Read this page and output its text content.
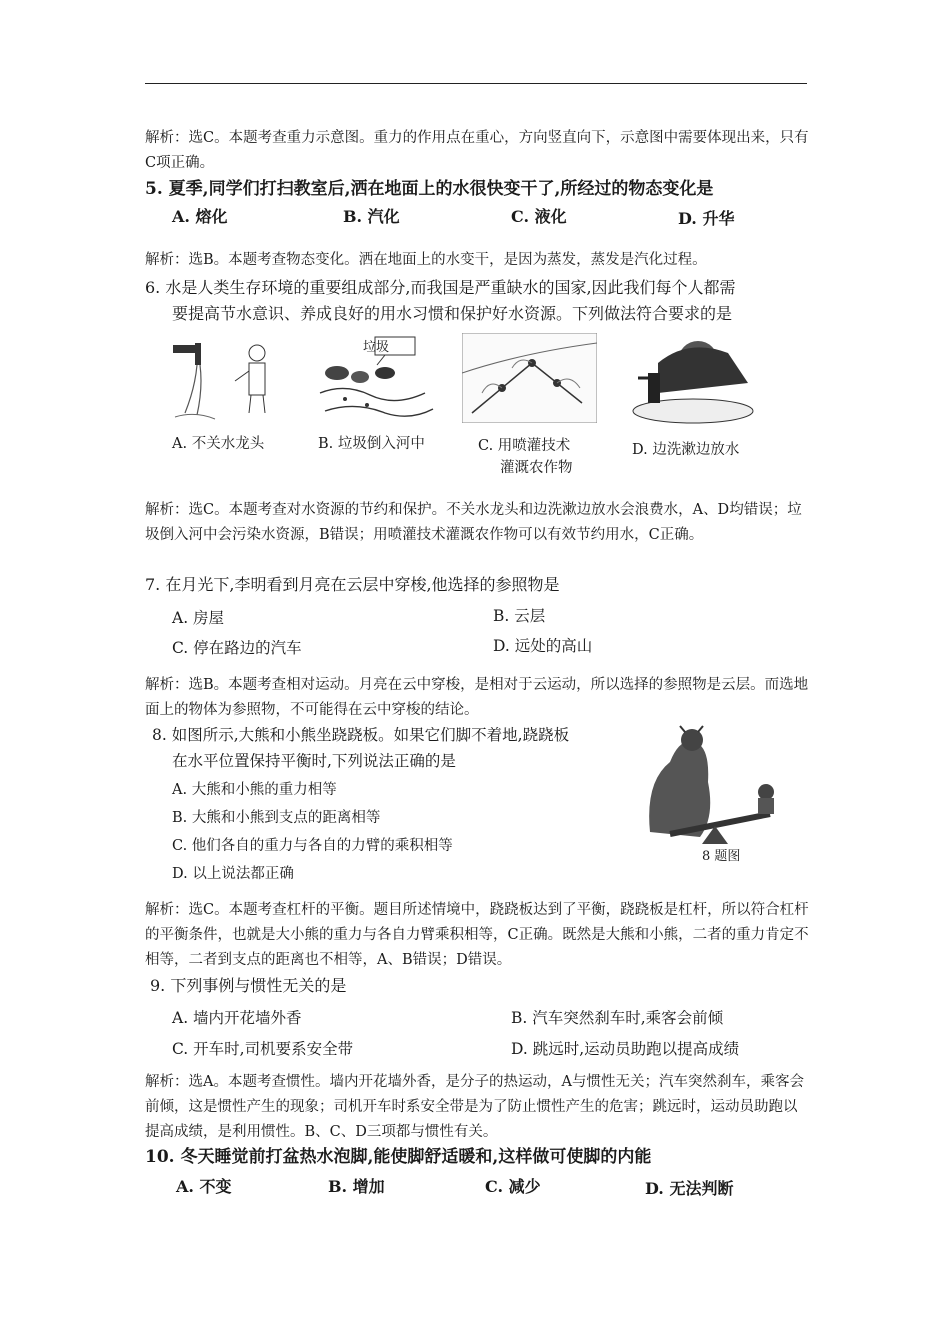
解析：选C。本题考查重力示意图。重力的作用点在重心，方向竖直向下，示意图中需要体现出来，只有C项正确。
5. 夏季,同学们打扫教室后,洒在地面上的水很快变干了,所经过的物态变化是
A. 熔化	B. 汽化	C. 液化	D. 升华
解析：选B。本题考查物态变化。洒在地面上的水变干，是因为蒸发，蒸发是汽化过程。
6. 水是人类生存环境的重要组成部分,而我国是严重缺水的国家,因此我们每个人都需
要提高节水意识、养成良好的用水习惯和保护好水资源。下列做法符合要求的是
垃圾
A. 不关水龙头	B. 垃圾倒入河中	C. 用喷灌技术
灌溉农作物
D. 边洗漱边放水
解析：选C。本题考查对水资源的节约和保护。不关水龙头和边洗漱边放水会浪费水，A、D均错误；垃圾倒入河中会污染水资源，B错误；用喷灌技术灌溉农作物可以有效节约用水，C正确。
7. 在月光下,李明看到月亮在云层中穿梭,他选择的参照物是
A. 房屋	B. 云层
C. 停在路边的汽车	D. 远处的高山
解析：选B。本题考查相对运动。月亮在云中穿梭，是相对于云运动，所以选择的参照物是云层。而选地面上的物体为参照物，不可能得在云中穿梭的结论。
8. 如图所示,大熊和小熊坐跷跷板。如果它们脚不着地,跷跷板
在水平位置保持平衡时,下列说法正确的是
A. 大熊和小熊的重力相等
B. 大熊和小熊到支点的距离相等
C. 他们各自的重力与各自的力臂的乘积相等
D. 以上说法都正确
8 题图
解析：选C。本题考查杠杆的平衡。题目所述情境中，跷跷板达到了平衡，跷跷板是杠杆，所以符合杠杆的平衡条件，也就是大小熊的重力与各自力臂乘积相等，C正确。既然是大熊和小熊，二者的重力肯定不相等，二者到支点的距离也不相等，A、B错误；D错误。
9. 下列事例与惯性无关的是
A. 墙内开花墙外香	B. 汽车突然刹车时,乘客会前倾
C. 开车时,司机要系安全带	D. 跳远时,运动员助跑以提高成绩
解析：选A。本题考查惯性。墙内开花墙外香，是分子的热运动，A与惯性无关；汽车突然刹车，乘客会前倾，这是惯性产生的现象；司机开车时系安全带是为了防止惯性产生的危害；跳远时，运动员助跑以提高成绩，是利用惯性。B、C、D三项都与惯性有关。
10. 冬天睡觉前打盆热水泡脚,能使脚舒适暖和,这样做可使脚的内能
A. 不变	B. 增加	C. 减少	D. 无法判断
